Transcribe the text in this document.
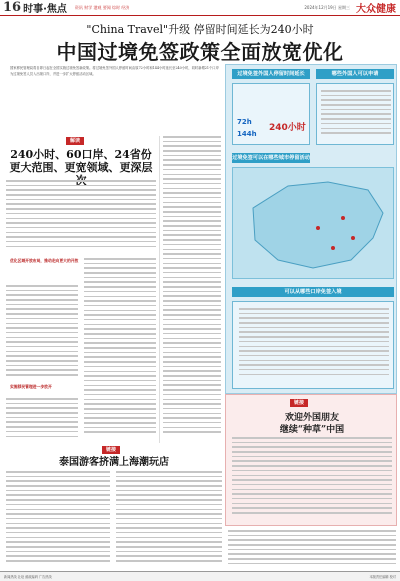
16 时事·焦点 资讯 财学 港观 要闻 综时 经济	2024年12月19日 星期三 大众健康
"China Travel"升级 停留时间延长为240小时
中国过境免签政策全面放宽优化
国家移民管理局将自即日起在全国实施过境免签新政策。将过境免签外国人停留时间由原72小时和144小时延长至240小时，同时新增21个口岸为过境免签人员入出境口岸，并进一步扩大停留活动区域。
解读
240小时、60口岸、24省份
更大范围、更宽领域、更深层次
优化区域开放布局，推动走向更大的开放
实施移民管理进一步放开
过境免签外国人停留时间延长	哪些外国人可以申请
72h
144h
240小时
过境免签可以在哪些城市停留活动
可以从哪些口岸免签入境
链接
欢迎外国朋友
继续“种草”中国
链接
泰国游客挤满上海潮玩店
新闻热线 社址 邮政编码 广告热线	本版责任编辑 校对
